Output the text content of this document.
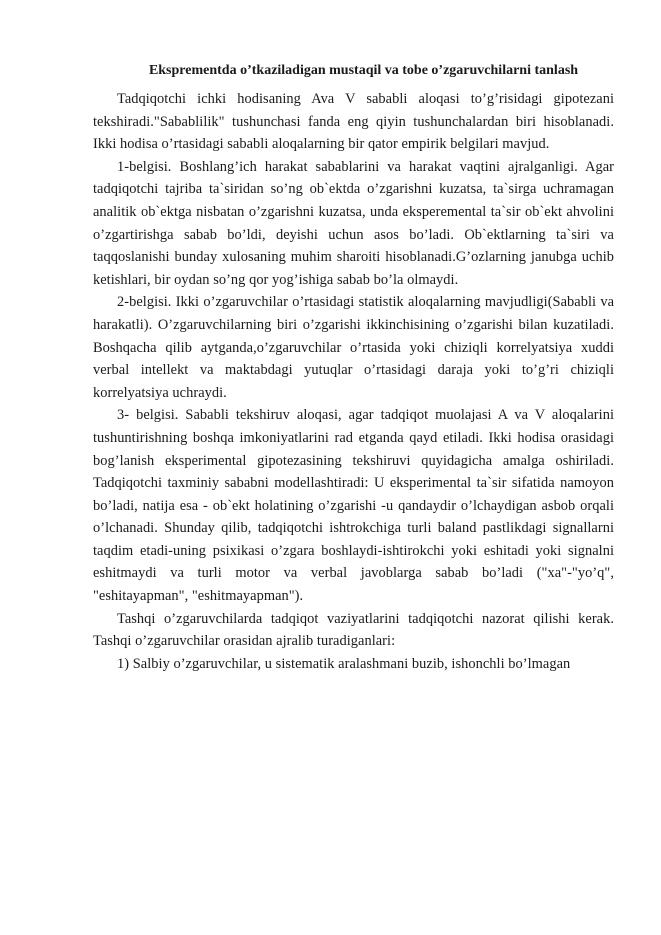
Eksprementda o’tkaziladigan mustaqil va tobe o’zgaruvchilarni tanlash

Tadqiqotchi ichki hodisaning Ava V sababli aloqasi to’g’risidagi gipotezani tekshiradi."Sabablilik" tushunchasi fanda eng qiyin tushunchalardan biri hisoblanadi. Ikki hodisa o’rtasidagi sababli aloqalarning bir qator empirik belgilari mavjud.

1-belgisi. Boshlang’ich harakat sabablarini va harakat vaqtini ajralganligi. Agar tadqiqotchi tajriba ta`siridan so’ng ob`ektda o’zgarishni kuzatsa, ta`sirga uchramagan analitik ob`ektga nisbatan o’zgarishni kuzatsa, unda eksperemental ta`sir ob`ekt ahvolini o’zgartirishga sabab bo’ldi, deyishi uchun asos bo’ladi. Ob`ektlarning ta`siri va taqqoslanishi bunday xulosaning muhim sharoiti hisoblanadi.G’ozlarning janubga uchib ketishlari, bir oydan so’ng qor yog’ishiga sabab bo’la olmaydi.

2-belgisi. Ikki o’zgaruvchilar o’rtasidagi statistik aloqalarning mavjudligi(Sababli va harakatli). O’zgaruvchilarning biri o’zgarishi ikkinchisining o’zgarishi bilan kuzatiladi. Boshqacha qilib aytganda,o’zgaruvchilar o’rtasida yoki chiziqli korrelyatsiya xuddi verbal intellekt va maktabdagi yutuqlar o’rtasidagi daraja yoki to’g’ri chiziqli korrelyatsiya uchraydi.

3- belgisi. Sababli tekshiruv aloqasi, agar tadqiqot muolajasi A va V aloqalarini tushuntirishning boshqa imkoniyatlarini rad etganda qayd etiladi. Ikki hodisa orasidagi bog’lanish eksperimental gipotezasining tekshiruvi quyidagicha amalga oshiriladi. Tadqiqotchi taxminiy sababni modellashtiradi: U eksperimental ta`sir sifatida namoyon bo’ladi, natija esa - ob`ekt holatining o’zgarishi -u qandaydir o’lchaydigan asbob orqali o’lchanadi. Shunday qilib, tadqiqotchi ishtrokchiga turli baland pastlikdagi signallarni taqdim etadi-uning psixikasi o’zgara boshlaydi-ishtirokchi yoki eshitadi yoki signalni eshitmaydi va turli motor va verbal javoblarga sabab bo’ladi ("xa"-"yo’q", "eshitayapman", "eshitmayapman").

Tashqi o’zgaruvchilarda tadqiqot vaziyatlarini tadqiqotchi nazorat qilishi kerak. Tashqi o’zgaruvchilar orasidan ajralib turadiganlari:

1) Salbiy o’zgaruvchilar, u sistematik aralashmani buzib, ishonchli bo’lmagan
